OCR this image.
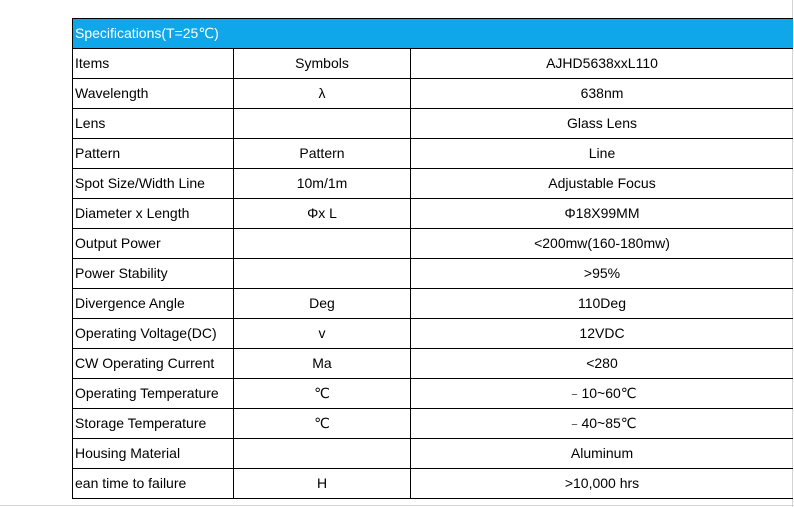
Specifications(T=25℃)		
Items	Symbols	AJHD5638xxL110
Wavelength	λ	638nm
Lens		Glass Lens
Pattern	Pattern	Line
Spot Size/Width Line	10m/1m	Adjustable Focus
Diameter x Length	Φx L	Φ18X99MM
Output Power		<200mw(160-180mw)
Power Stability		>95%
Divergence Angle	Deg	110Deg
Operating Voltage(DC)	v	12VDC
CW Operating Current	Ma	<280
Operating Temperature	℃	﹣10~60℃
Storage Temperature	℃	﹣40~85℃
Housing Material		Aluminum
ean time to failure	H	>10,000 hrs
